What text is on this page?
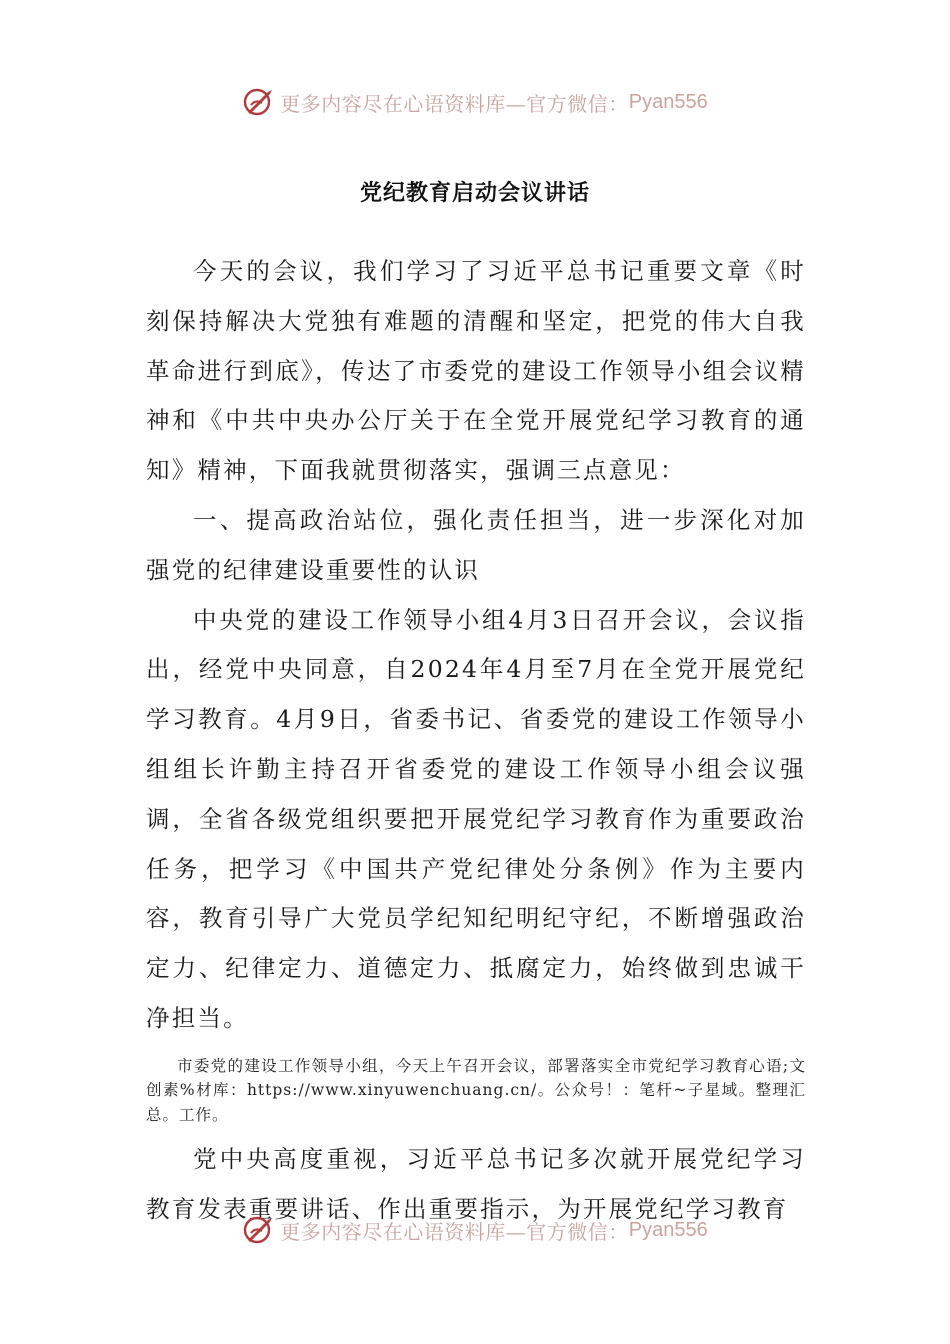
更多内容尽在心语资料库—官方微信： Pyan556
党纪教育启动会议讲话

今天的会议，我们学习了习近平总书记重要文章《时刻保持解决大党独有难题的清醒和坚定，把党的伟大自我革命进行到底》，传达了市委党的建设工作领导小组会议精神和《中共中央办公厅关于在全党开展党纪学习教育的通知》精神，下面我就贯彻落实，强调三点意见：

一、提高政治站位，强化责任担当，进一步深化对加强党的纪律建设重要性的认识

中央党的建设工作领导小组4月3日召开会议，会议指出，经党中央同意，自2024年4月至7月在全党开展党纪学习教育。4月9日，省委书记、省委党的建设工作领导小组组长许勤主持召开省委党的建设工作领导小组会议强调，全省各级党组织要把开展党纪学习教育作为重要政治任务，把学习《中国共产党纪律处分条例》作为主要内容，教育引导广大党员学纪知纪明纪守纪，不断增强政治定力、纪律定力、道德定力、抵腐定力，始终做到忠诚干净担当。

市委党的建设工作领导小组，今天上午召开会议，部署落实全市党纪学习教育心语;文创素%材库：https://www.xinyuwenchuang.cn/。公众号！：笔杆~子星域。整理汇总。工作。

党中央高度重视，习近平总书记多次就开展党纪学习教育发表重要讲话、作出重要指示，为开展党纪学习教育

更多内容尽在心语资料库—官方微信： Pyan556
